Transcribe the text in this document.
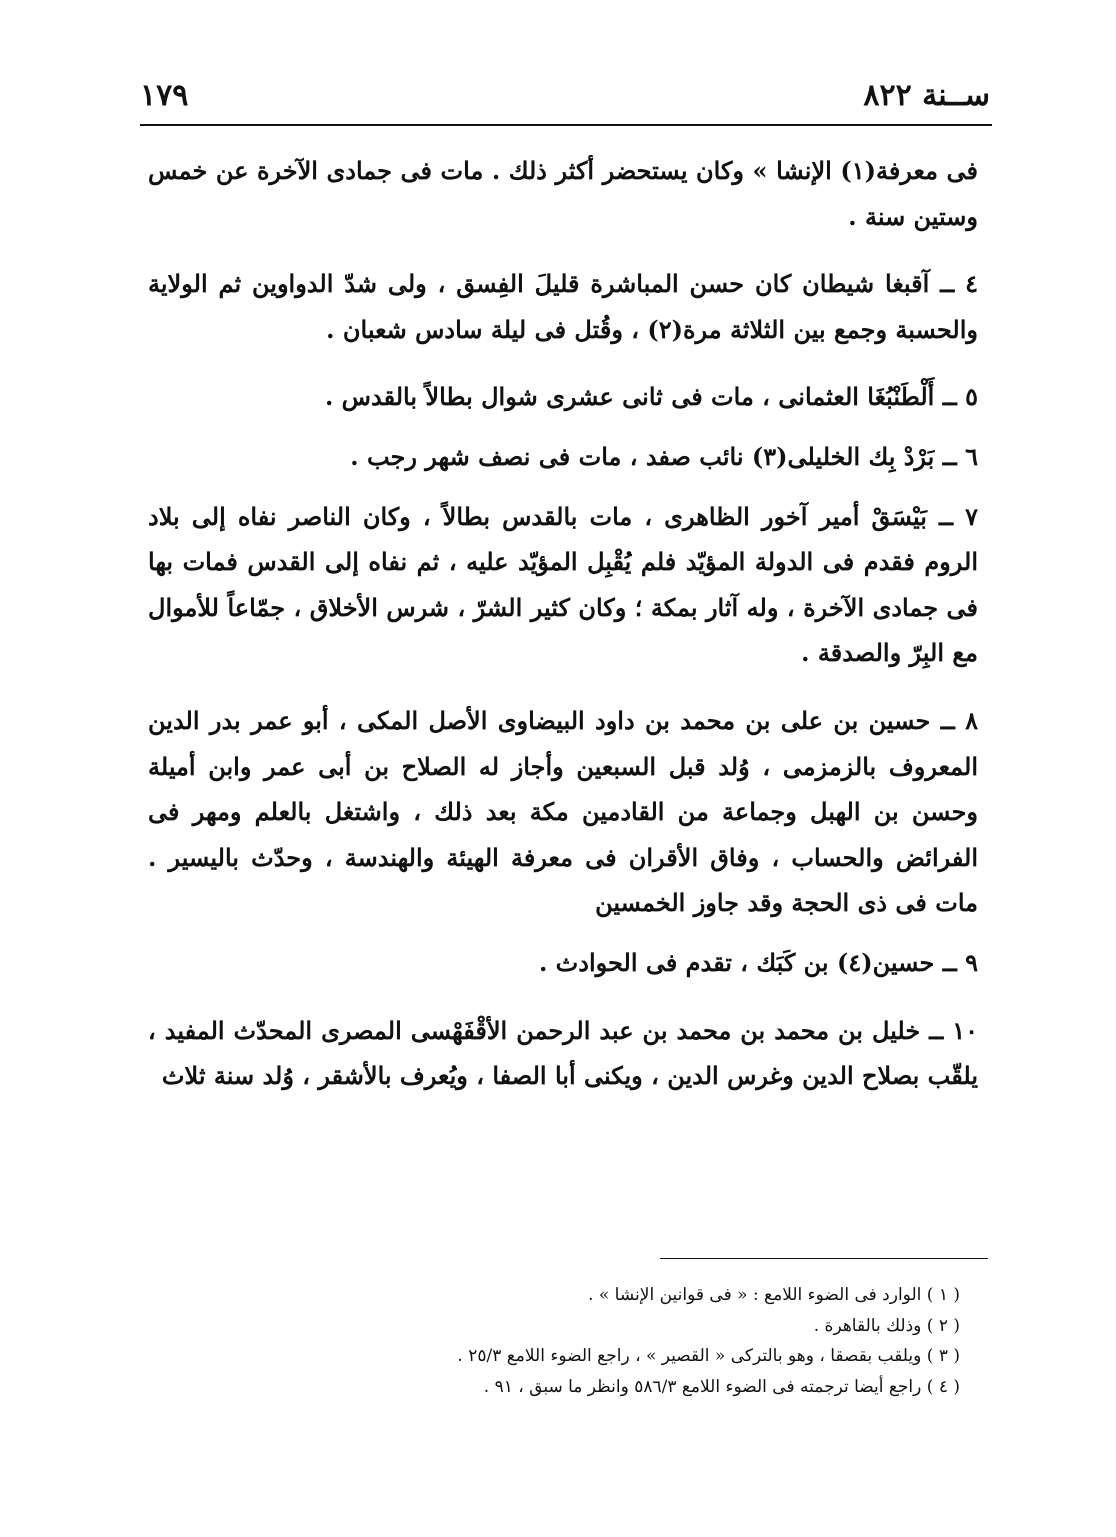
ســنة ٨٢٢
١٧٩

فى معرفة(١) الإنشا » وكان يستحضر أكثر ذلك . مات فى جمادى الآخرة عن خمس وستين سنة .

٤ ــ آقبغا شيطان كان حسن المباشرة قليلَ الفِسق ، ولى شدّ الدواوين ثم الولاية والحسبة وجمع بين الثلاثة مرة(٢) ، وقُتل فى ليلة سادس شعبان .

٥ ــ أَلْطَنْبُغَا العثمانى ، مات فى ثانى عشرى شوال بطالاً بالقدس .

٦ ــ بَرْدْ بِك الخليلى(٣) نائب صفد ، مات فى نصف شهر رجب .

٧ ــ بَيْسَقْ أمير آخور الظاهرى ، مات بالقدس بطالاً ، وكان الناصر نفاه إلى بلاد الروم فقدم فى الدولة المؤيّد فلم يُقْبِل المؤيّد عليه ، ثم نفاه إلى القدس فمات بها فى جمادى الآخرة ، وله آثار بمكة ؛ وكان كثير الشرّ ، شرس الأخلاق ، جمّاعاً للأموال مع البِرّ والصدقة .

٨ ــ حسين بن على بن محمد بن داود البيضاوى الأصل المكى ، أبو عمر بدر الدين المعروف بالزمزمى ، وُلد قبل السبعين وأجاز له الصلاح بن أبى عمر وابن أميلة وحسن بن الهبل وجماعة من القادمين مكة بعد ذلك ، واشتغل بالعلم ومهر فى الفرائض والحساب ، وفاق الأقران فى معرفة الهيئة والهندسة ، وحدّث باليسير . مات فى ذى الحجة وقد جاوز الخمسين

٩ ــ حسين(٤) بن كَبَك ، تقدم فى الحوادث .

١٠ ــ خليل بن محمد بن محمد بن عبد الرحمن الأقْفَهْسى المصرى المحدّث المفيد ، يلقّب بصلاح الدين وغرس الدين ، ويكنى أبا الصفا ، ويُعرف بالأشقر ، وُلد سنة ثلاث

( ١ ) الوارد فى الضوء اللامع : « فى قوانين الإنشا » .
( ٢ ) وذلك بالقاهرة .
( ٣ ) ويلقب بقصقا ، وهو بالتركى « القصير » ، راجع الضوء اللامع ٢٥/٣ .
( ٤ ) راجع أيضا ترجمته فى الضوء اللامع ٥٨٦/٣ وانظر ما سبق ، ٩١ .
